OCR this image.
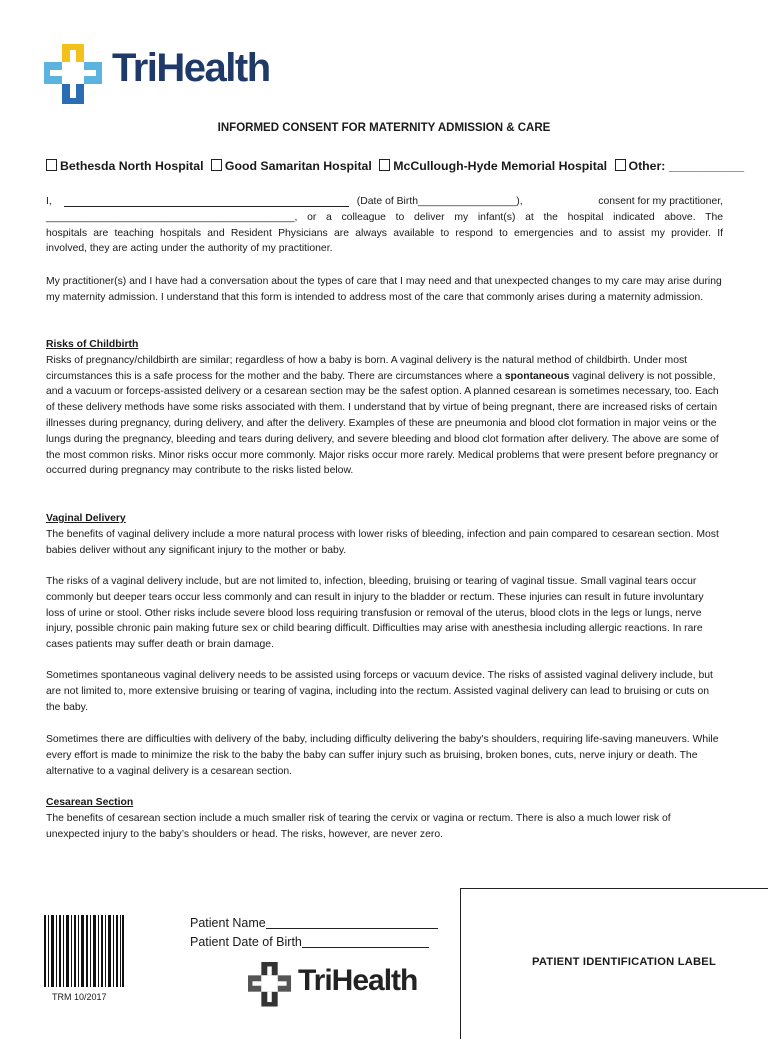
TriHealth
INFORMED CONSENT FOR MATERNITY ADMISSION & CARE
Bethesda North Hospital Good Samaritan Hospital McCullough-Hyde Memorial Hospital Other: ___________
I,	(Date of Birth_________________),	consent for my practitioner,
___________________________________________, or a colleague to deliver my infant(s) at the hospital indicated above. The
hospitals are teaching hospitals and Resident Physicians are always available to respond to emergencies and to assist my provider. If
involved, they are acting under the authority of my practitioner.
My practitioner(s) and I have had a conversation about the types of care that I may need and that unexpected changes to my care may arise during my maternity admission. I understand that this form is intended to address most of the care that commonly arises during a maternity admission.
Risks of Childbirth
Risks of pregnancy/childbirth are similar; regardless of how a baby is born. A vaginal delivery is the natural method of childbirth. Under most circumstances this is a safe process for the mother and the baby. There are circumstances where a spontaneous vaginal delivery is not possible, and a vacuum or forceps-assisted delivery or a cesarean section may be the safest option. A planned cesarean is sometimes necessary, too. Each of these delivery methods have some risks associated with them. I understand that by virtue of being pregnant, there are increased risks of certain illnesses during pregnancy, during delivery, and after the delivery. Examples of these are pneumonia and blood clot formation in major veins or the lungs during the pregnancy, bleeding and tears during delivery, and severe bleeding and blood clot formation after delivery. The above are some of the most common risks. Minor risks occur more commonly. Major risks occur more rarely. Medical problems that were present before pregnancy or occurred during pregnancy may contribute to the risks listed below.
Vaginal Delivery
The benefits of vaginal delivery include a more natural process with lower risks of bleeding, infection and pain compared to cesarean section. Most babies deliver without any significant injury to the mother or baby.
The risks of a vaginal delivery include, but are not limited to, infection, bleeding, bruising or tearing of vaginal tissue. Small vaginal tears occur commonly but deeper tears occur less commonly and can result in injury to the bladder or rectum. These injuries can result in future involuntary loss of urine or stool. Other risks include severe blood loss requiring transfusion or removal of the uterus, blood clots in the legs or lungs, nerve injury, possible chronic pain making future sex or child bearing difficult. Difficulties may arise with anesthesia including allergic reactions. In rare cases patients may suffer death or brain damage.
Sometimes spontaneous vaginal delivery needs to be assisted using forceps or vacuum device. The risks of assisted vaginal delivery include, but are not limited to, more extensive bruising or tearing of vagina, including into the rectum. Assisted vaginal delivery can lead to bruising or cuts on the baby.
Sometimes there are difficulties with delivery of the baby, including difficulty delivering the baby's shoulders, requiring life-saving maneuvers. While every effort is made to minimize the risk to the baby the baby can suffer injury such as bruising, broken bones, cuts, nerve injury or death. The alternative to a vaginal delivery is a cesarean section.
Cesarean Section
The benefits of cesarean section include a much smaller risk of tearing the cervix or vagina or rectum. There is also a much lower risk of unexpected injury to the baby’s shoulders or head. The risks, however, are never zero.
TRM 10/2017
Patient Name
Patient Date of Birth
TriHealth
PATIENT IDENTIFICATION LABEL
